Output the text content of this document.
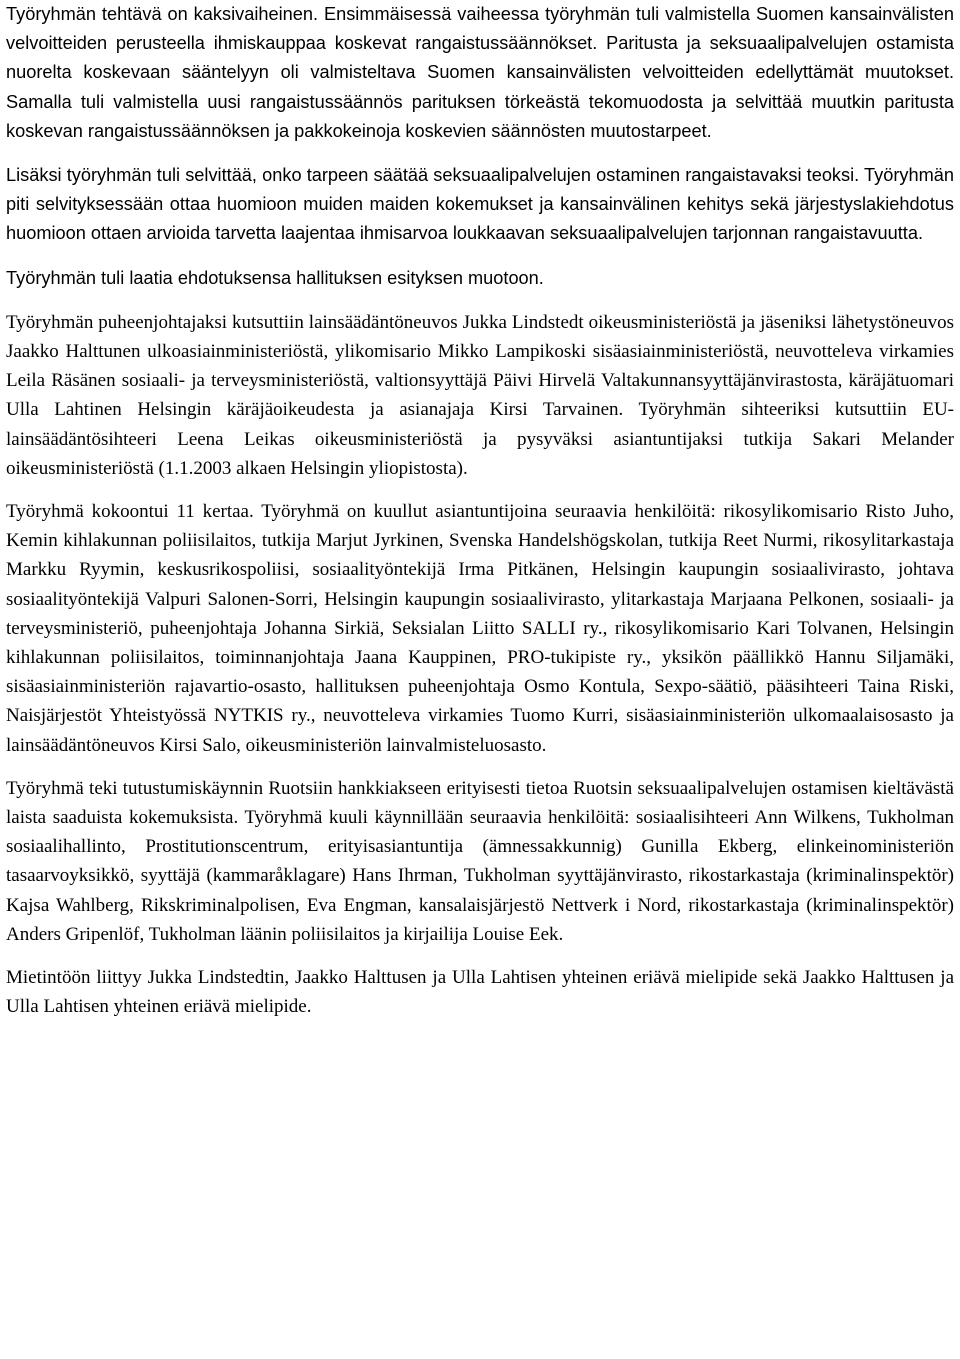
Työryhmän tehtävä on kaksivaiheinen. Ensimmäisessä vaiheessa työryhmän tuli valmistella Suomen kansainvälisten velvoitteiden perusteella ihmiskauppaa koskevat rangaistussäännökset. Paritusta ja seksuaalipalvelujen ostamista nuorelta koskevaan sääntelyyn oli valmisteltava Suomen kansainvälisten velvoitteiden edellyttämät muutokset. Samalla tuli valmistella uusi rangaistussäännös parituksen törkeästä tekomuodosta ja selvittää muutkin paritusta koskevan rangaistussäännöksen ja pakkokeinoja koskevien säännösten muutostarpeet.

Lisäksi työryhmän tuli selvittää, onko tarpeen säätää seksuaalipalvelujen ostaminen rangaistavaksi teoksi. Työryhmän piti selvityksessään ottaa huomioon muiden maiden kokemukset ja kansainvälinen kehitys sekä järjestyslakiehdotus huomioon ottaen arvioida tarvetta laajentaa ihmisarvoa loukkaavan seksuaalipalvelujen tarjonnan rangaistavuutta.

Työryhmän tuli laatia ehdotuksensa hallituksen esityksen muotoon.

Työryhmän puheenjohtajaksi kutsuttiin lainsäädäntöneuvos Jukka Lindstedt oikeusministeriöstä ja jäseniksi lähetystöneuvos Jaakko Halttunen ulkoasiainministeriöstä, ylikomisario Mikko Lampikoski sisäasiainministeriöstä, neuvotteleva virkamies Leila Räsänen sosiaali- ja terveysministeriöstä, valtionsyyttäjä Päivi Hirvelä Valtakunnansyyttäjänvirastosta, käräjätuomari Ulla Lahtinen Helsingin käräjäoikeudesta ja asianajaja Kirsi Tarvainen. Työryhmän sihteeriksi kutsuttiin EU-lainsäädäntösihteeri Leena Leikas oikeusministeriöstä ja pysyväksi asiantuntijaksi tutkija Sakari Melander oikeusministeriöstä (1.1.2003 alkaen Helsingin yliopistosta).

Työryhmä kokoontui 11 kertaa. Työryhmä on kuullut asiantuntijoina seuraavia henkilöitä: rikosylikomisario Risto Juho, Kemin kihlakunnan poliisilaitos, tutkija Marjut Jyrkinen, Svenska Handelshögskolan, tutkija Reet Nurmi, rikosylitarkastaja Markku Ryymin, keskusrikospoliisi, sosiaalityöntekijä Irma Pitkänen, Helsingin kaupungin sosiaalivirasto, johtava sosiaalityöntekijä Valpuri Salonen-Sorri, Helsingin kaupungin sosiaalivirasto, ylitarkastaja Marjaana Pelkonen, sosiaali- ja terveysministeriö, puheenjohtaja Johanna Sirkiä, Seksialan Liitto SALLI ry., rikosylikomisario Kari Tolvanen, Helsingin kihlakunnan poliisilaitos, toiminnanjohtaja Jaana Kauppinen, PRO-tukipiste ry., yksikön päällikkö Hannu Siljamäki, sisäasiainministeriön rajavartio-osasto, hallituksen puheenjohtaja Osmo Kontula, Sexpo-säätiö, pääsihteeri Taina Riski, Naisjärjestöt Yhteistyössä NYTKIS ry., neuvotteleva virkamies Tuomo Kurri, sisäasiainministeriön ulkomaalaisosasto ja lainsäädäntöneuvos Kirsi Salo, oikeusministeriön lainvalmisteluosasto.

Työryhmä teki tutustumiskäynnin Ruotsiin hankkiakseen erityisesti tietoa Ruotsin seksuaalipalvelujen ostamisen kieltävästä laista saaduista kokemuksista. Työryhmä kuuli käynnillään seuraavia henkilöitä: sosiaalisihteeri Ann Wilkens, Tukholman sosiaalihallinto, Prostitutionscentrum, erityisasiantuntija (ämnessakkunnig) Gunilla Ekberg, elinkeinoministeriön tasaarvoyksikkö, syyttäjä (kammaråklagare) Hans Ihrman, Tukholman syyttäjänvirasto, rikostarkastaja (kriminalinspektör) Kajsa Wahlberg, Rikskriminalpolisen, Eva Engman, kansalaisjärjestö Nettverk i Nord, rikostarkastaja (kriminalinspektör) Anders Gripenlöf, Tukholman läänin poliisilaitos ja kirjailija Louise Eek.

Mietintöön liittyy Jukka Lindstedtin, Jaakko Halttusen ja Ulla Lahtisen yhteinen eriävä mielipide sekä Jaakko Halttusen ja Ulla Lahtisen yhteinen eriävä mielipide.
